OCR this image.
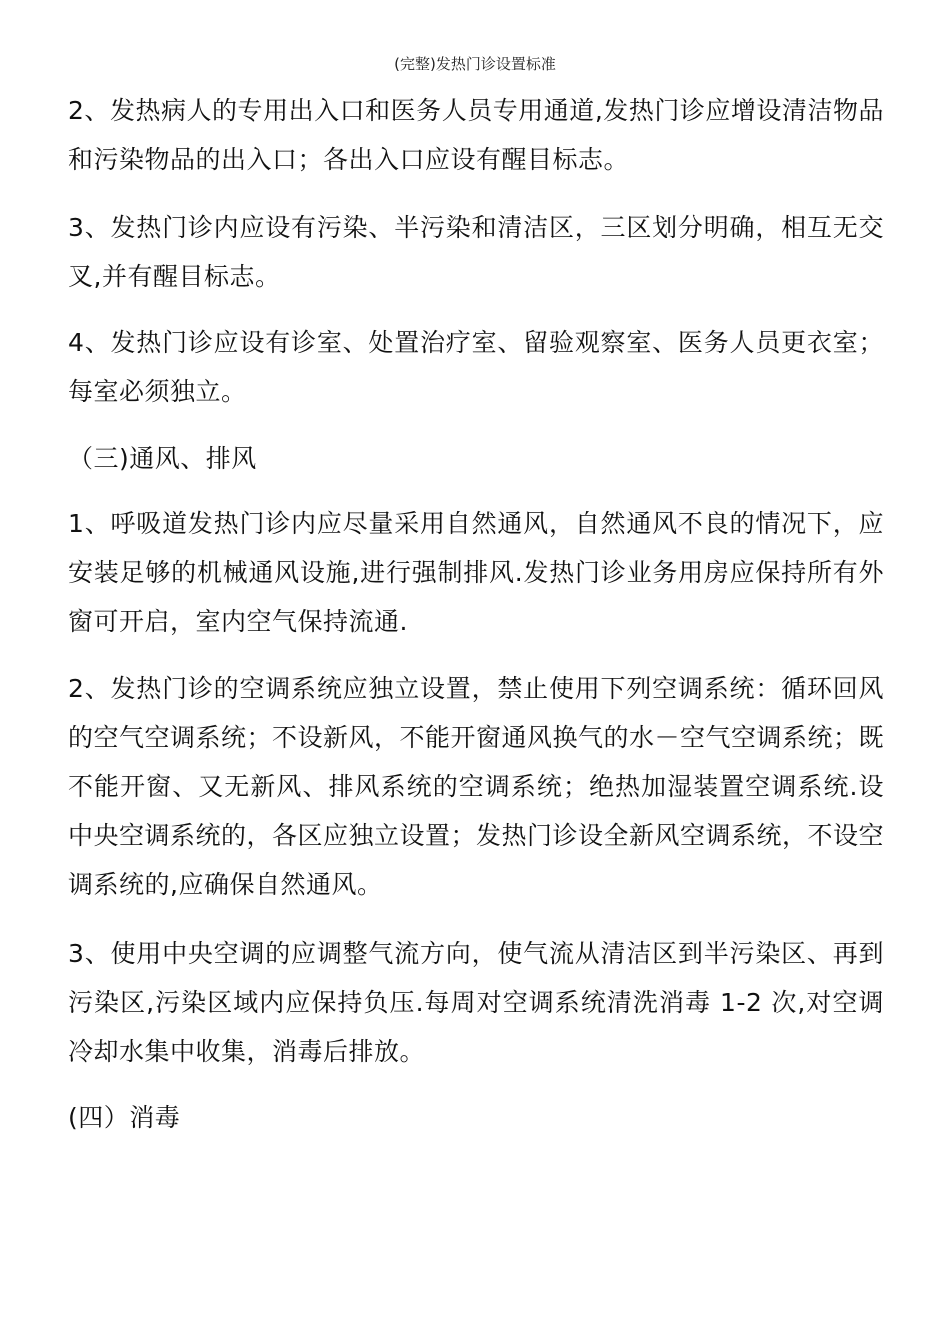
(完整)发热门诊设置标准

2、发热病人的专用出入口和医务人员专用通道,发热门诊应增设清洁物品和污染物品的出入口；各出入口应设有醒目标志。

3、发热门诊内应设有污染、半污染和清洁区，三区划分明确，相互无交叉,并有醒目标志。

4、发热门诊应设有诊室、处置治疗室、留验观察室、医务人员更衣室；每室必须独立。

（三)通风、排风

1、呼吸道发热门诊内应尽量采用自然通风，自然通风不良的情况下，应安装足够的机械通风设施,进行强制排风.发热门诊业务用房应保持所有外窗可开启，室内空气保持流通.

2、发热门诊的空调系统应独立设置，禁止使用下列空调系统：循环回风的空气空调系统；不设新风，不能开窗通风换气的水－空气空调系统；既不能开窗、又无新风、排风系统的空调系统；绝热加湿装置空调系统.设中央空调系统的，各区应独立设置；发热门诊设全新风空调系统，不设空调系统的,应确保自然通风。

3、使用中央空调的应调整气流方向，使气流从清洁区到半污染区、再到污染区,污染区域内应保持负压.每周对空调系统清洗消毒 1-2 次,对空调冷却水集中收集，消毒后排放。

(四）消毒
